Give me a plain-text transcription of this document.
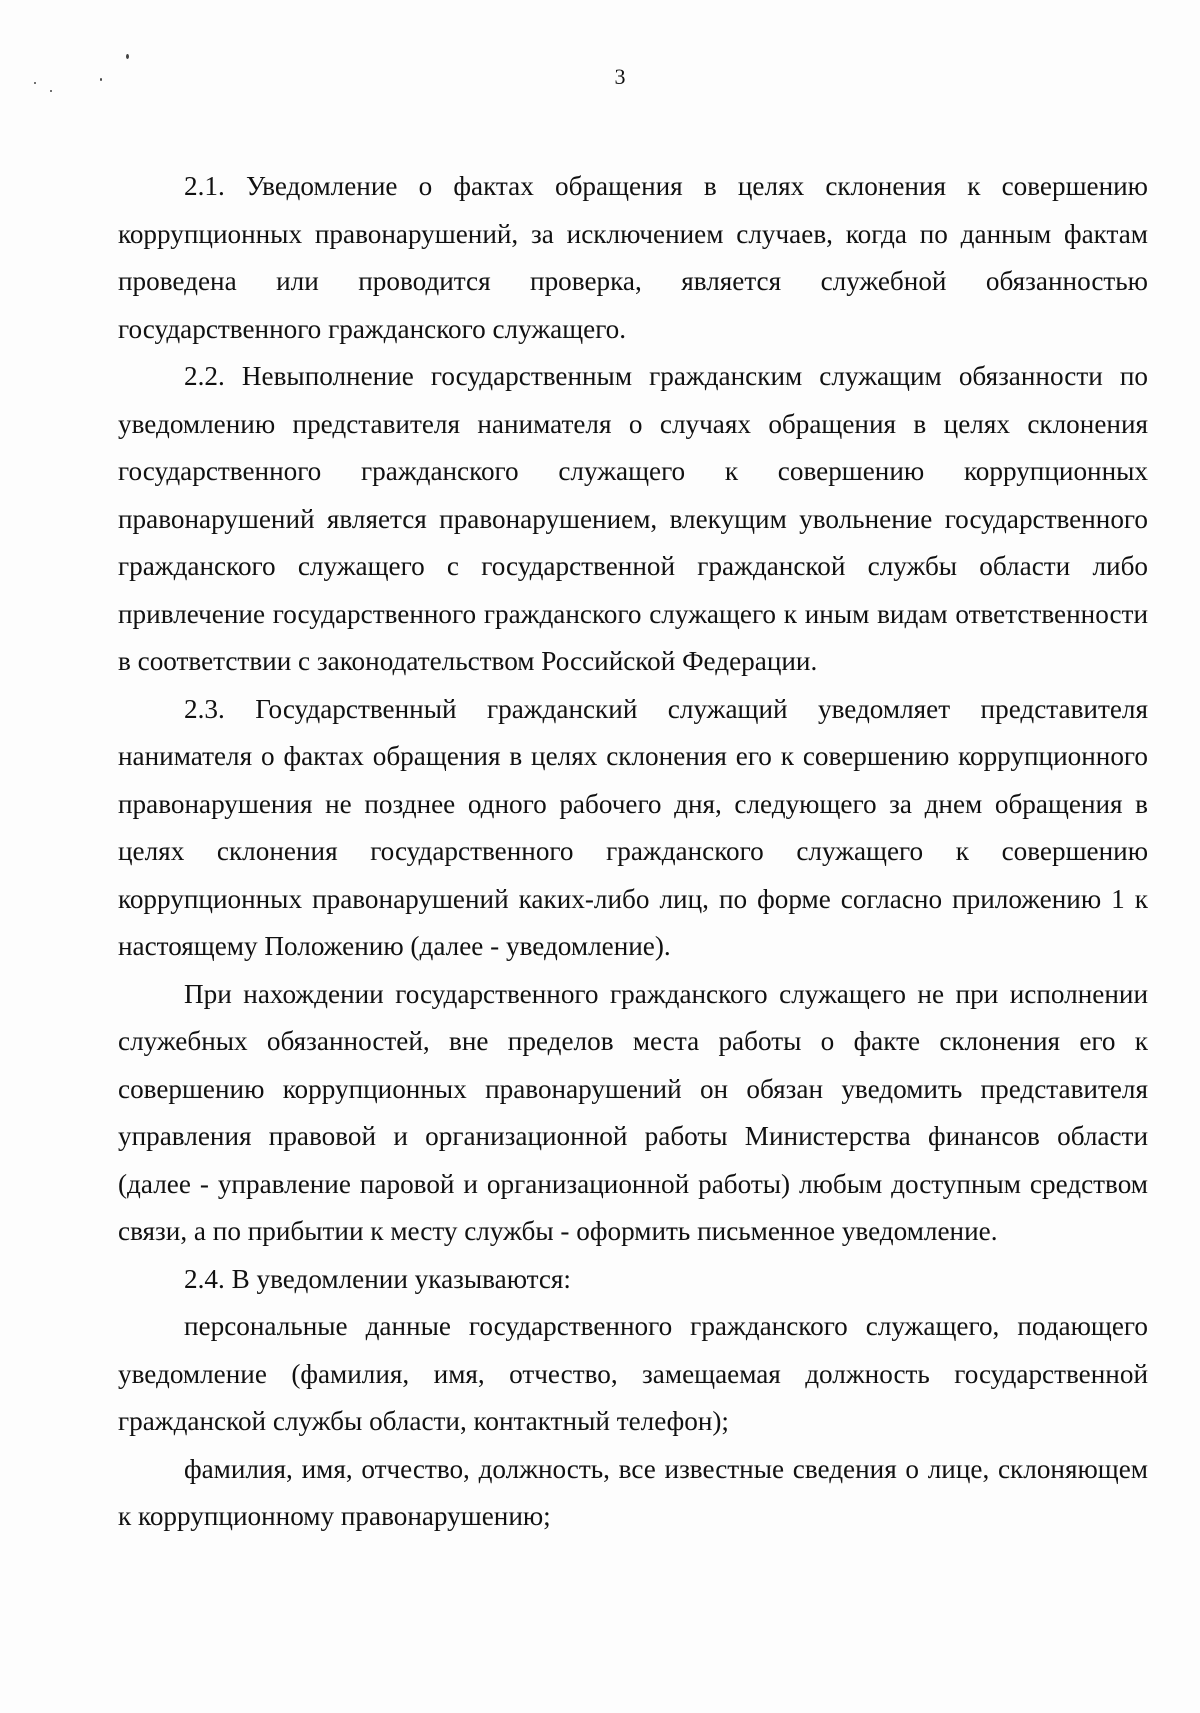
3

2.1. Уведомление о фактах обращения в целях склонения к совершению коррупционных правонарушений, за исключением случаев, когда по данным фактам проведена или проводится проверка, является служебной обязанностью государственного гражданского служащего.

2.2. Невыполнение государственным гражданским служащим обязанности по уведомлению представителя нанимателя о случаях обращения в целях склонения государственного гражданского служащего к совершению коррупционных правонарушений является правонарушением, влекущим увольнение государственного гражданского служащего с государственной гражданской службы области либо привлечение государственного гражданского служащего к иным видам ответственности в соответствии с законодательством Российской Федерации.

2.3. Государственный гражданский служащий уведомляет представителя нанимателя о фактах обращения в целях склонения его к совершению коррупционного правонарушения не позднее одного рабочего дня, следующего за днем обращения в целях склонения государственного гражданского служащего к совершению коррупционных правонарушений каких-либо лиц, по форме согласно приложению 1 к настоящему Положению (далее - уведомление).

При нахождении государственного гражданского служащего не при исполнении служебных обязанностей, вне пределов места работы о факте склонения его к совершению коррупционных правонарушений он обязан уведомить представителя управления правовой и организационной работы Министерства финансов области (далее - управление паровой и организационной работы) любым доступным средством связи, а по прибытии к месту службы - оформить письменное уведомление.

2.4. В уведомлении указываются:

персональные данные государственного гражданского служащего, подающего уведомление (фамилия, имя, отчество, замещаемая должность государственной гражданской службы области, контактный телефон);

фамилия, имя, отчество, должность, все известные сведения о лице, склоняющем к коррупционному правонарушению;
